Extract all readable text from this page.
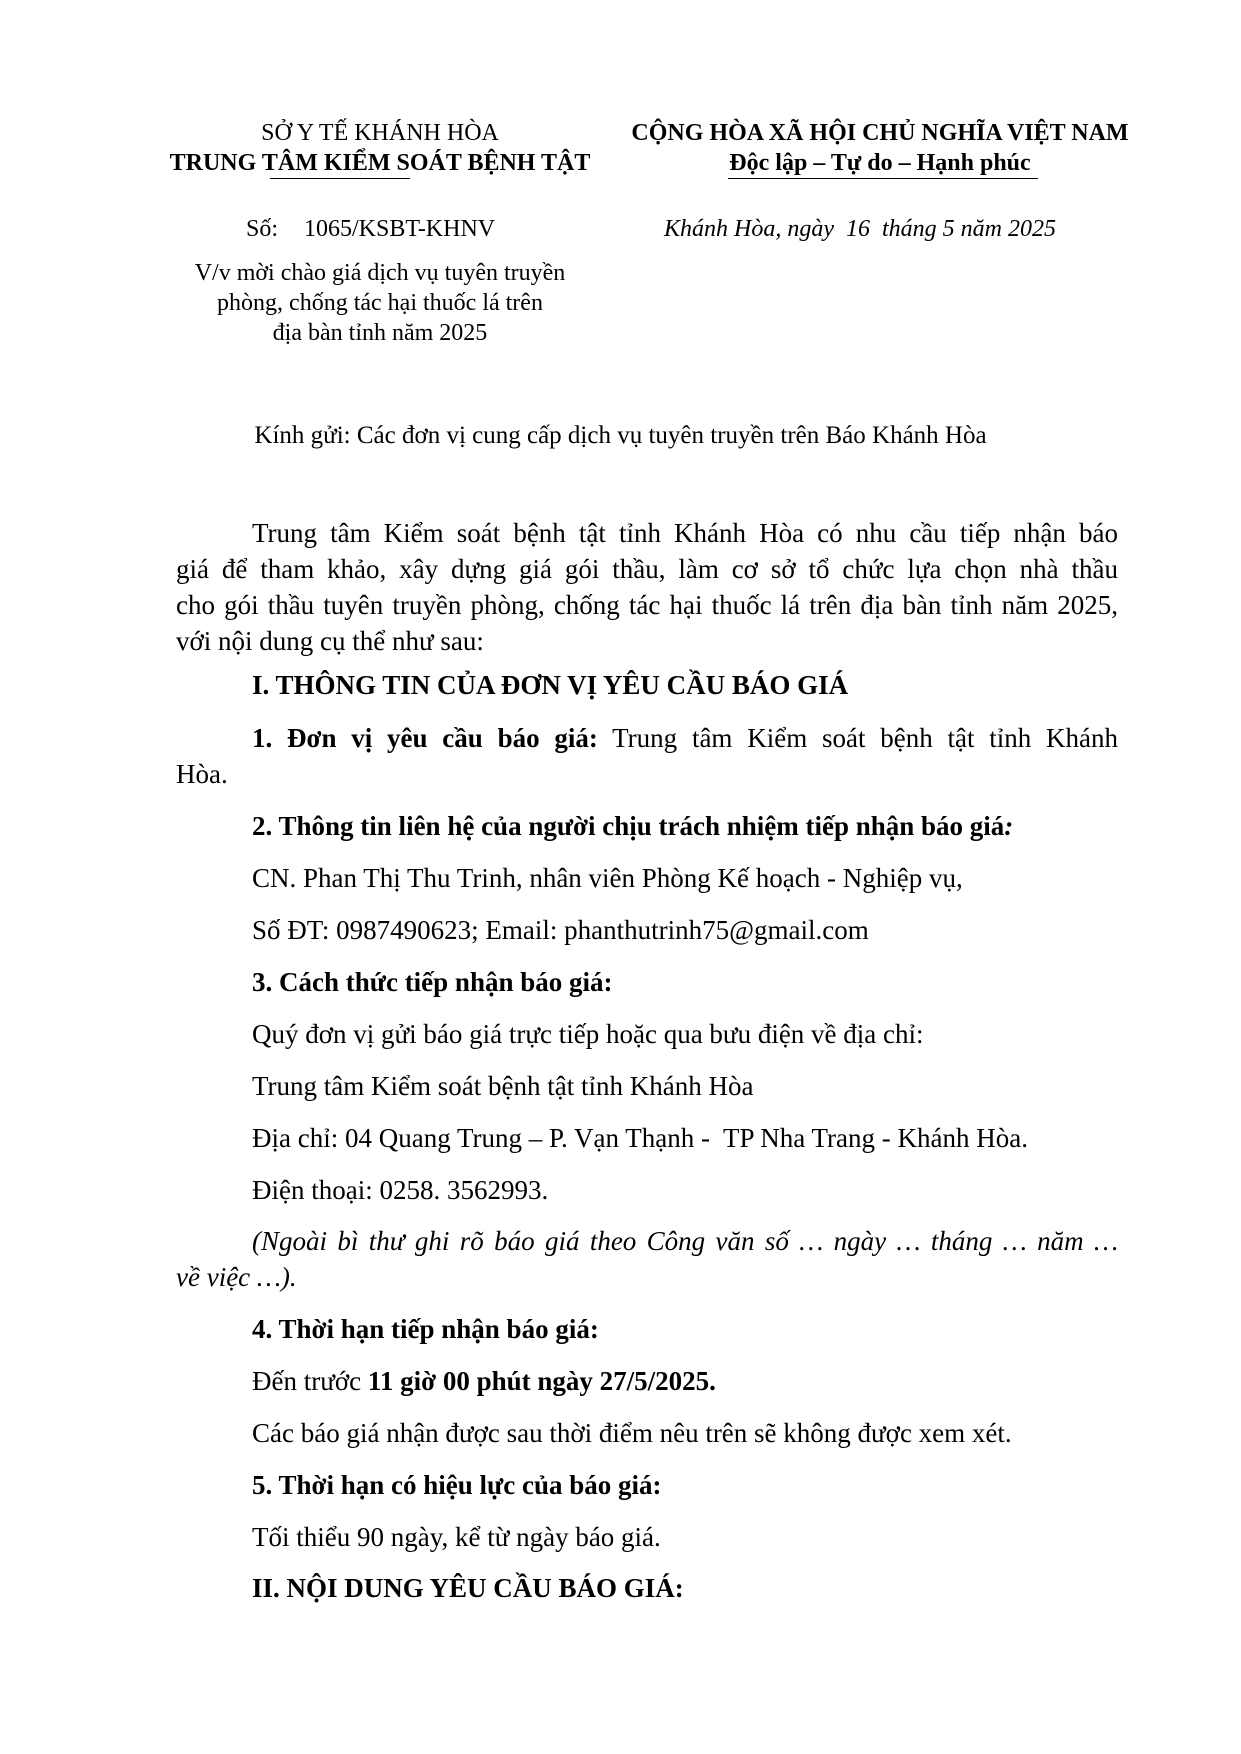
SỞ Y TẾ KHÁNH HÒA
TRUNG TÂM KIỂM SOÁT BỆNH TẬT
CỘNG HÒA XÃ HỘI CHỦ NGHĨA VIỆT NAM
Độc lập – Tự do – Hạnh phúc
Số: 1065/KSBT-KHNV	Khánh Hòa, ngày  16  tháng 5 năm 2025
V/v mời chào giá dịch vụ tuyên truyền
phòng, chống tác hại thuốc lá trên
địa bàn tỉnh năm 2025
Kính gửi: Các đơn vị cung cấp dịch vụ tuyên truyền trên Báo Khánh Hòa
Trung tâm Kiểm soát bệnh tật tỉnh Khánh Hòa có nhu cầu tiếp nhận báo
giá để tham khảo, xây dựng giá gói thầu, làm cơ sở tổ chức lựa chọn nhà thầu
cho gói thầu tuyên truyền phòng, chống tác hại thuốc lá trên địa bàn tỉnh năm 2025,
với nội dung cụ thể như sau:
I. THÔNG TIN CỦA ĐƠN VỊ YÊU CẦU BÁO GIÁ
1. Đơn vị yêu cầu báo giá: Trung tâm Kiểm soát bệnh tật tỉnh Khánh
Hòa.
2. Thông tin liên hệ của người chịu trách nhiệm tiếp nhận báo giá:
CN. Phan Thị Thu Trinh, nhân viên Phòng Kế hoạch - Nghiệp vụ,
Số ĐT: 0987490623; Email: phanthutrinh75@gmail.com
3. Cách thức tiếp nhận báo giá:
Quý đơn vị gửi báo giá trực tiếp hoặc qua bưu điện về địa chỉ:
Trung tâm Kiểm soát bệnh tật tỉnh Khánh Hòa
Địa chỉ: 04 Quang Trung – P. Vạn Thạnh -  TP Nha Trang - Khánh Hòa.
Điện thoại: 0258. 3562993.
(Ngoài bì thư ghi rõ báo giá theo Công văn số … ngày … tháng … năm …
về việc …).
4. Thời hạn tiếp nhận báo giá:
Đến trước 11 giờ 00 phút ngày 27/5/2025.
Các báo giá nhận được sau thời điểm nêu trên sẽ không được xem xét.
5. Thời hạn có hiệu lực của báo giá:
Tối thiểu 90 ngày, kể từ ngày báo giá.
II. NỘI DUNG YÊU CẦU BÁO GIÁ:
